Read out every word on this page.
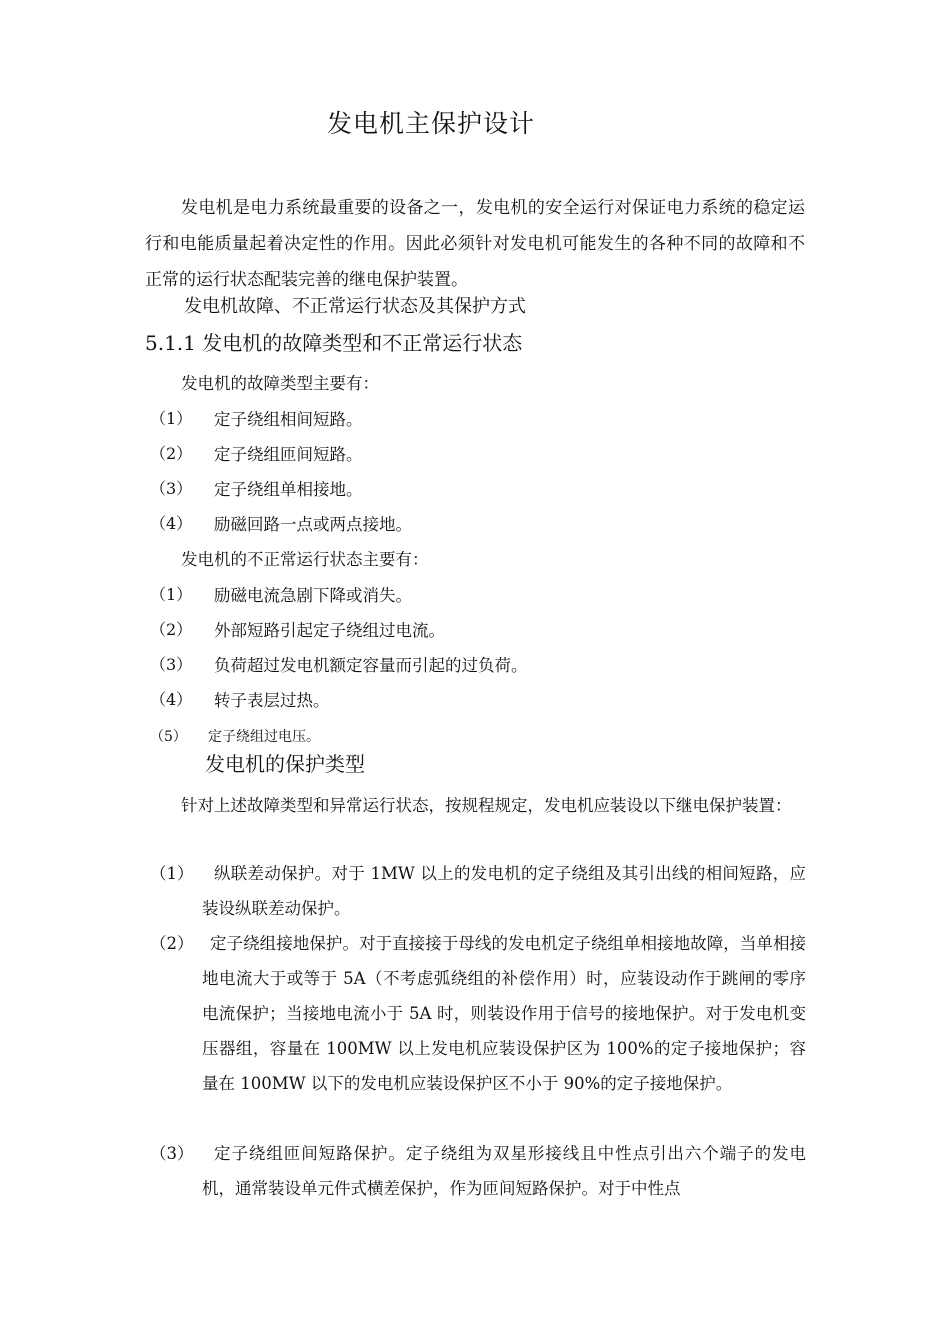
发电机主保护设计
发电机是电力系统最重要的设备之一，发电机的安全运行对保证电力系统的稳定运行和电能质量起着决定性的作用。因此必须针对发电机可能发生的各种不同的故障和不正常的运行状态配装完善的继电保护装置。
发电机故障、不正常运行状态及其保护方式
5.1.1 发电机的故障类型和不正常运行状态
发电机的故障类型主要有：
（1） 定子绕组相间短路。
（2） 定子绕组匝间短路。
（3） 定子绕组单相接地。
（4） 励磁回路一点或两点接地。
发电机的不正常运行状态主要有：
（1） 励磁电流急剧下降或消失。
（2） 外部短路引起定子绕组过电流。
（3） 负荷超过发电机额定容量而引起的过负荷。
（4） 转子表层过热。
（5） 定子绕组过电压。
发电机的保护类型
针对上述故障类型和异常运行状态，按规程规定，发电机应装设以下继电保护装置：
（1）	纵联差动保护。对于 1MW 以上的发电机的定子绕组及其引出线的相间短路，应装设纵联差动保护。
（2）	定子绕组接地保护。对于直接接于母线的发电机定子绕组单相接地故障，当单相接地电流大于或等于 5A（不考虑弧绕组的补偿作用）时，应装设动作于跳闸的零序电流保护；当接地电流小于 5A 时，则装设作用于信号的接地保护。对于发电机变压器组，容量在 100MW 以上发电机应装设保护区为 100%的定子接地保护；容量在 100MW 以下的发电机应装设保护区不小于 90%的定子接地保护。
（3）	定子绕组匝间短路保护。定子绕组为双星形接线且中性点引出六个端子的发电机，通常装设单元件式横差保护，作为匝间短路保护。对于中性点
